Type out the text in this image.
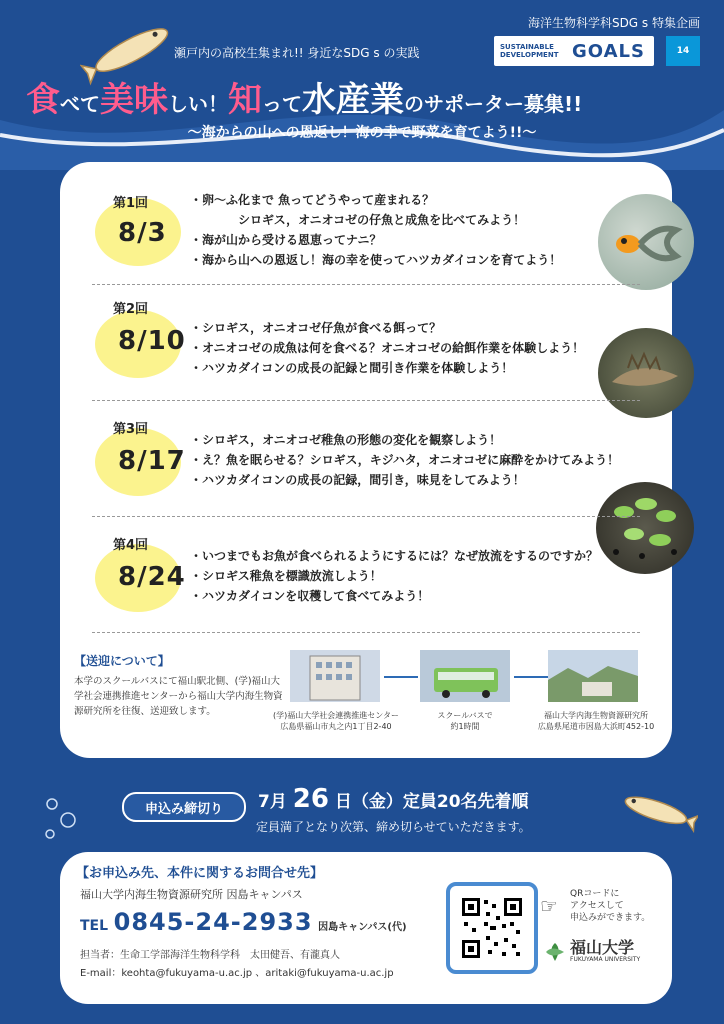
海洋生物科学科SDG s 特集企画
SUSTAINABLE DEVELOPMENT GOALS	14
瀬戸内の高校生集まれ!! 身近なSDG s の実践
食べて美味しい！知って水産業のサポーター募集!!
～海からの山への恩返し！海の幸で野菜を育てよう!!～
第1回
8/3
・卵～ふ化まで 魚ってどうやって産まれる？
　　　　シロギス，オニオコゼの仔魚と成魚を比べてみよう！
・海が山から受ける恩恵ってナニ？
・海から山への恩返し！海の幸を使ってハツカダイコンを育てよう！
第2回
8/10 ・シロギス，オニオコゼ仔魚が食べる餌って？
・オニオコゼの成魚は何を食べる？オニオコゼの給餌作業を体験しよう！
・ハツカダイコンの成長の記録と間引き作業を体験しよう！
第3回
8/17
・シロギス，オニオコゼ稚魚の形態の変化を観察しよう！
・え？魚を眠らせる？シロギス，キジハタ，オニオコゼに麻酔をかけてみよう！
・ハツカダイコンの成長の記録，間引き，味見をしてみよう！
第4回
8/24
・いつまでもお魚が食べられるようにするには？なぜ放流をするのですか？
・シロギス稚魚を標識放流しよう！
・ハツカダイコンを収穫して食べてみよう！
【送迎について】
本学のスクールバスにて福山駅北側、(学)福山大学社会連携推進センターから福山大学内海生物資源研究所を往復、送迎致します。	(学)福山大学社会連携推進センター
広島県福山市丸之内1丁目2-40
スクールバスで
約1時間
福山大学内海生物資源研究所
広島県尾道市因島大浜町452-10
申込み締切り	7月 26 日（金）定員20名先着順
定員満了となり次第、締め切らせていただきます。
【お申込み先、本件に関するお問合せ先】
福山大学内海生物資源研究所 因島キャンパス
TEL 0845-24-2933 因島キャンパス(代)
担当者：生命工学部海洋生物科学科　太田健吾、有瀧真人
E-mail：keohta@fukuyama-u.ac.jp 、aritaki@fukuyama-u.ac.jp
☞ QRコードに
アクセスして
申込みができます。
福山大学
FUKUYAMA UNIVERSITY
